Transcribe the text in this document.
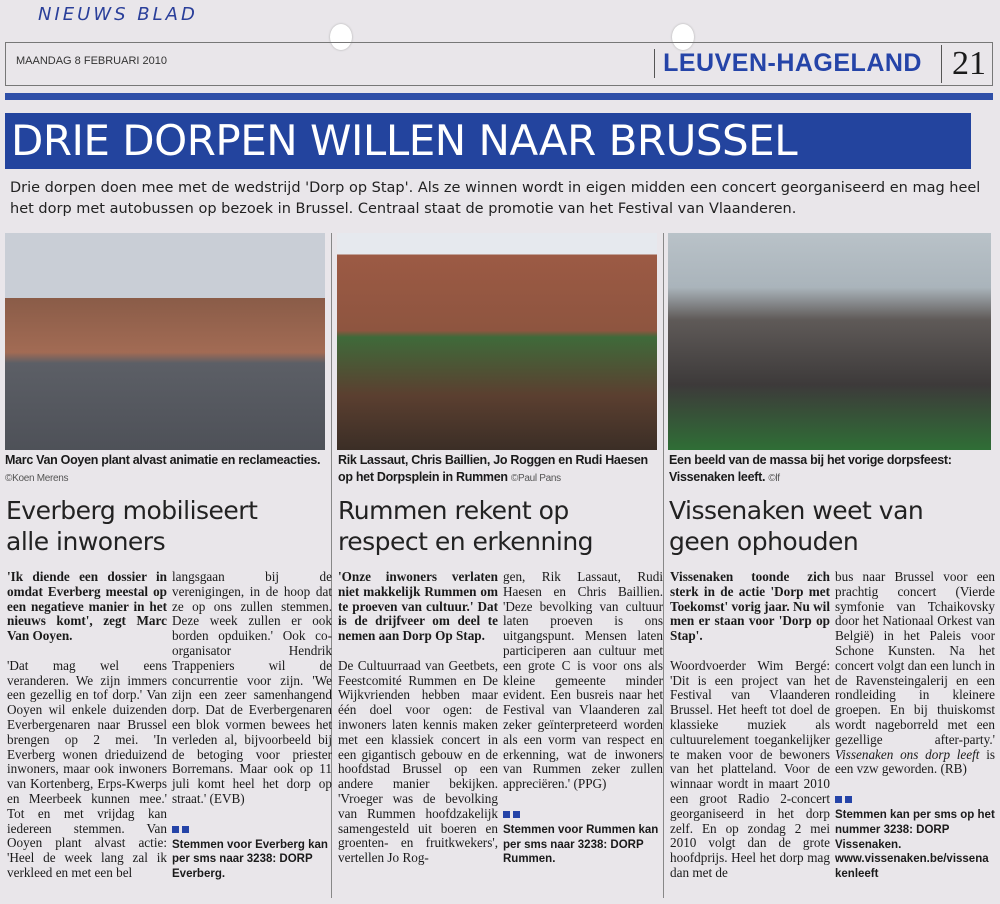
NIEUWS BLAD
MAANDAG 8 FEBRUARI 2010	LEUVEN-HAGELAND 21
DRIE DORPEN WILLEN NAAR BRUSSEL
Drie dorpen doen mee met de wedstrijd 'Dorp op Stap'. Als ze winnen wordt in eigen midden een concert georganiseerd en mag heel het dorp met autobussen op bezoek in Brussel. Centraal staat de promotie van het Festival van Vlaanderen.
Marc Van Ooyen plant alvast animatie en reclameacties. ©Koen Merens
Rik Lassaut, Chris Baillien, Jo Roggen en Rudi Haesen op het Dorpsplein in Rummen ©Paul Pans
Een beeld van de massa bij het vorige dorpsfeest: Vissenaken leeft. ©lf
Everberg mobiliseert alle inwoners
Rummen rekent op respect en erkenning
Vissenaken weet van geen ophouden

'Ik diende een dossier in omdat Everberg meestal op een negatieve manier in het nieuws komt', zegt Marc Van Ooyen.

'Dat mag wel eens veranderen. We zijn immers een gezellig en tof dorp.' Van Ooyen wil enkele duizenden Everbergenaren naar Brussel brengen op 2 mei. 'In Everberg wonen drieduizend inwoners, maar ook inwoners van Kortenberg, Erps-Kwerps en Meerbeek kunnen mee.' Tot en met vrijdag kan iedereen stemmen. Van Ooyen plant alvast actie: 'Heel de week lang zal ik verkleed en met een bel

langsgaan bij de verenigingen, in de hoop dat ze op ons zullen stemmen. Deze week zullen er ook borden opduiken.' Ook co-organisator Hendrik Trappeniers wil de concurrentie voor zijn. 'We zijn een zeer samenhangend dorp. Dat de Everbergenaren een blok vormen bewees het verleden al, bijvoorbeeld bij de betoging voor priester Borremans. Maar ook op 11 juli komt heel het dorp op straat.' (EVB)

Stemmen voor Everberg kan per sms naar 3238: DORP Everberg.

'Onze inwoners verlaten niet makkelijk Rummen om te proeven van cultuur.' Dat is de drijfveer om deel te nemen aan Dorp Op Stap.

De Cultuurraad van Geetbets, Feestcomité Rummen en De Wijkvrienden hebben maar één doel voor ogen: de inwoners laten kennis maken met een klassiek concert in een gigantisch gebouw en de hoofdstad Brussel op een andere manier bekijken. 'Vroeger was de bevolking van Rummen hoofdzakelijk samengesteld uit boeren en groenten- en fruitkwekers', vertellen Jo Rog-

gen, Rik Lassaut, Rudi Haesen en Chris Baillien. 'Deze bevolking van cultuur laten proeven is ons uitgangspunt. Mensen laten participeren aan cultuur met een grote C is voor ons als kleine gemeente minder evident. Een busreis naar het Festival van Vlaanderen zal zeker geïnterpreteerd worden als een vorm van respect en erkenning, wat de inwoners van Rummen zeker zullen appreciëren.' (PPG)

Stemmen voor Rummen kan per sms naar 3238: DORP Rummen.

Vissenaken toonde zich sterk in de actie 'Dorp met Toekomst' vorig jaar. Nu wil men er staan voor 'Dorp op Stap'.

Woordvoerder Wim Bergé: 'Dit is een project van het Festival van Vlaanderen Brussel. Het heeft tot doel de klassieke muziek als cultuurelement toegankelijker te maken voor de bewoners van het platteland. Voor de winnaar wordt in maart 2010 een groot Radio 2-concert georganiseerd in het dorp zelf. En op zondag 2 mei 2010 volgt dan de grote hoofdprijs. Heel het dorp mag dan met de

bus naar Brussel voor een prachtig concert (Vierde symfonie van Tchaikovsky door het Nationaal Orkest van België) in het Paleis voor Schone Kunsten. Na het concert volgt dan een lunch in de Ravensteingalerij en een rondleiding in kleinere groepen. En bij thuiskomst wordt nageborreld met een gezellige after-party.' Vissenaken ons dorp leeft is een vzw geworden. (RB)

Stemmen kan per sms op het nummer 3238: DORP Vissenaken.
www.vissenaken.be/vissenakenleeft
